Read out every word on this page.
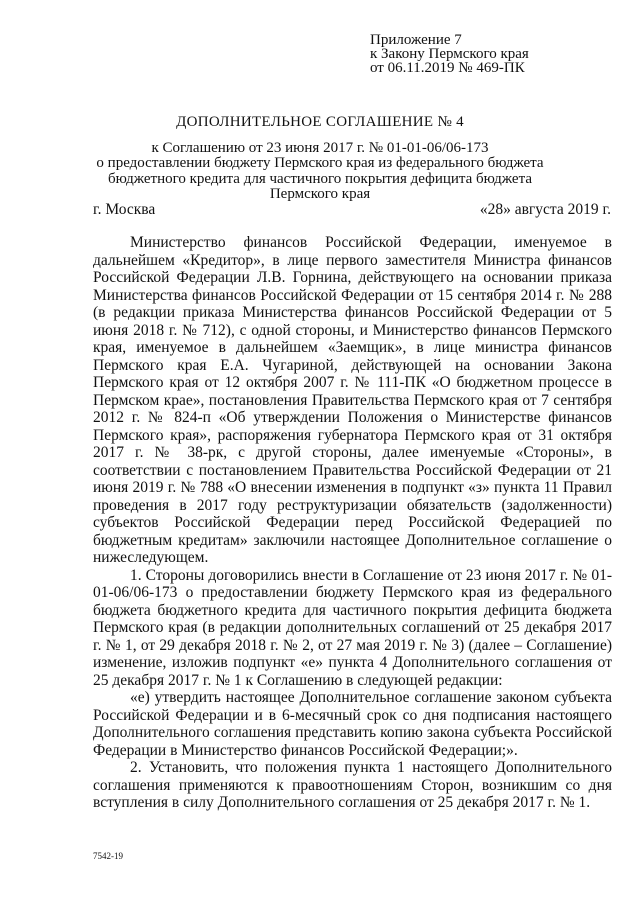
Приложение 7
к Закону Пермского края
от 06.11.2019 № 469-ПК
ДОПОЛНИТЕЛЬНОЕ СОГЛАШЕНИЕ № 4
к Соглашению от 23 июня 2017 г. № 01-01-06/06-173
о предоставлении бюджету Пермского края из федерального бюджета
бюджетного кредита для частичного покрытия дефицита бюджета
Пермского края
г. Москва	«28» августа 2019 г.

Министерство финансов Российской Федерации, именуемое в дальнейшем «Кредитор», в лице первого заместителя Министра финансов Российской Федерации Л.В. Горнина, действующего на основании приказа Министерства финансов Российской Федерации от 15 сентября 2014 г. № 288 (в редакции приказа Министерства финансов Российской Федерации от 5 июня 2018 г. № 712), с одной стороны, и Министерство финансов Пермского края, именуемое в дальнейшем «Заемщик», в лице министра финансов Пермского края Е.А. Чугариной, действующей на основании Закона Пермского края от 12 октября 2007 г. № 111-ПК «О бюджетном процессе в Пермском крае», постановления Правительства Пермского края от 7 сентября 2012 г. № 824-п «Об утверждении Положения о Министерстве финансов Пермского края», распоряжения губернатора Пермского края от 31 октября 2017 г. № 38-рк, с другой стороны, далее именуемые «Стороны», в соответствии с постановлением Правительства Российской Федерации от 21 июня 2019 г. № 788 «О внесении изменения в подпункт «з» пункта 11 Правил проведения в 2017 году реструктуризации обязательств (задолженности) субъектов Российской Федерации перед Российской Федерацией по бюджетным кредитам» заключили настоящее Дополнительное соглашение о нижеследующем.

1. Стороны договорились внести в Соглашение от 23 июня 2017 г. № 01-01-06/06-173 о предоставлении бюджету Пермского края из федерального бюджета бюджетного кредита для частичного покрытия дефицита бюджета Пермского края (в редакции дополнительных соглашений от 25 декабря 2017 г. № 1, от 29 декабря 2018 г. № 2, от 27 мая 2019 г. № 3) (далее – Соглашение) изменение, изложив подпункт «е» пункта 4 Дополнительного соглашения от 25 декабря 2017 г. № 1 к Соглашению в следующей редакции:

«е) утвердить настоящее Дополнительное соглашение законом субъекта Российской Федерации и в 6-месячный срок со дня подписания настоящего Дополнительного соглашения представить копию закона субъекта Российской Федерации в Министерство финансов Российской Федерации;».

2. Установить, что положения пункта 1 настоящего Дополнительного соглашения применяются к правоотношениям Сторон, возникшим со дня вступления в силу Дополнительного соглашения от 25 декабря 2017 г. № 1.

7542-19
